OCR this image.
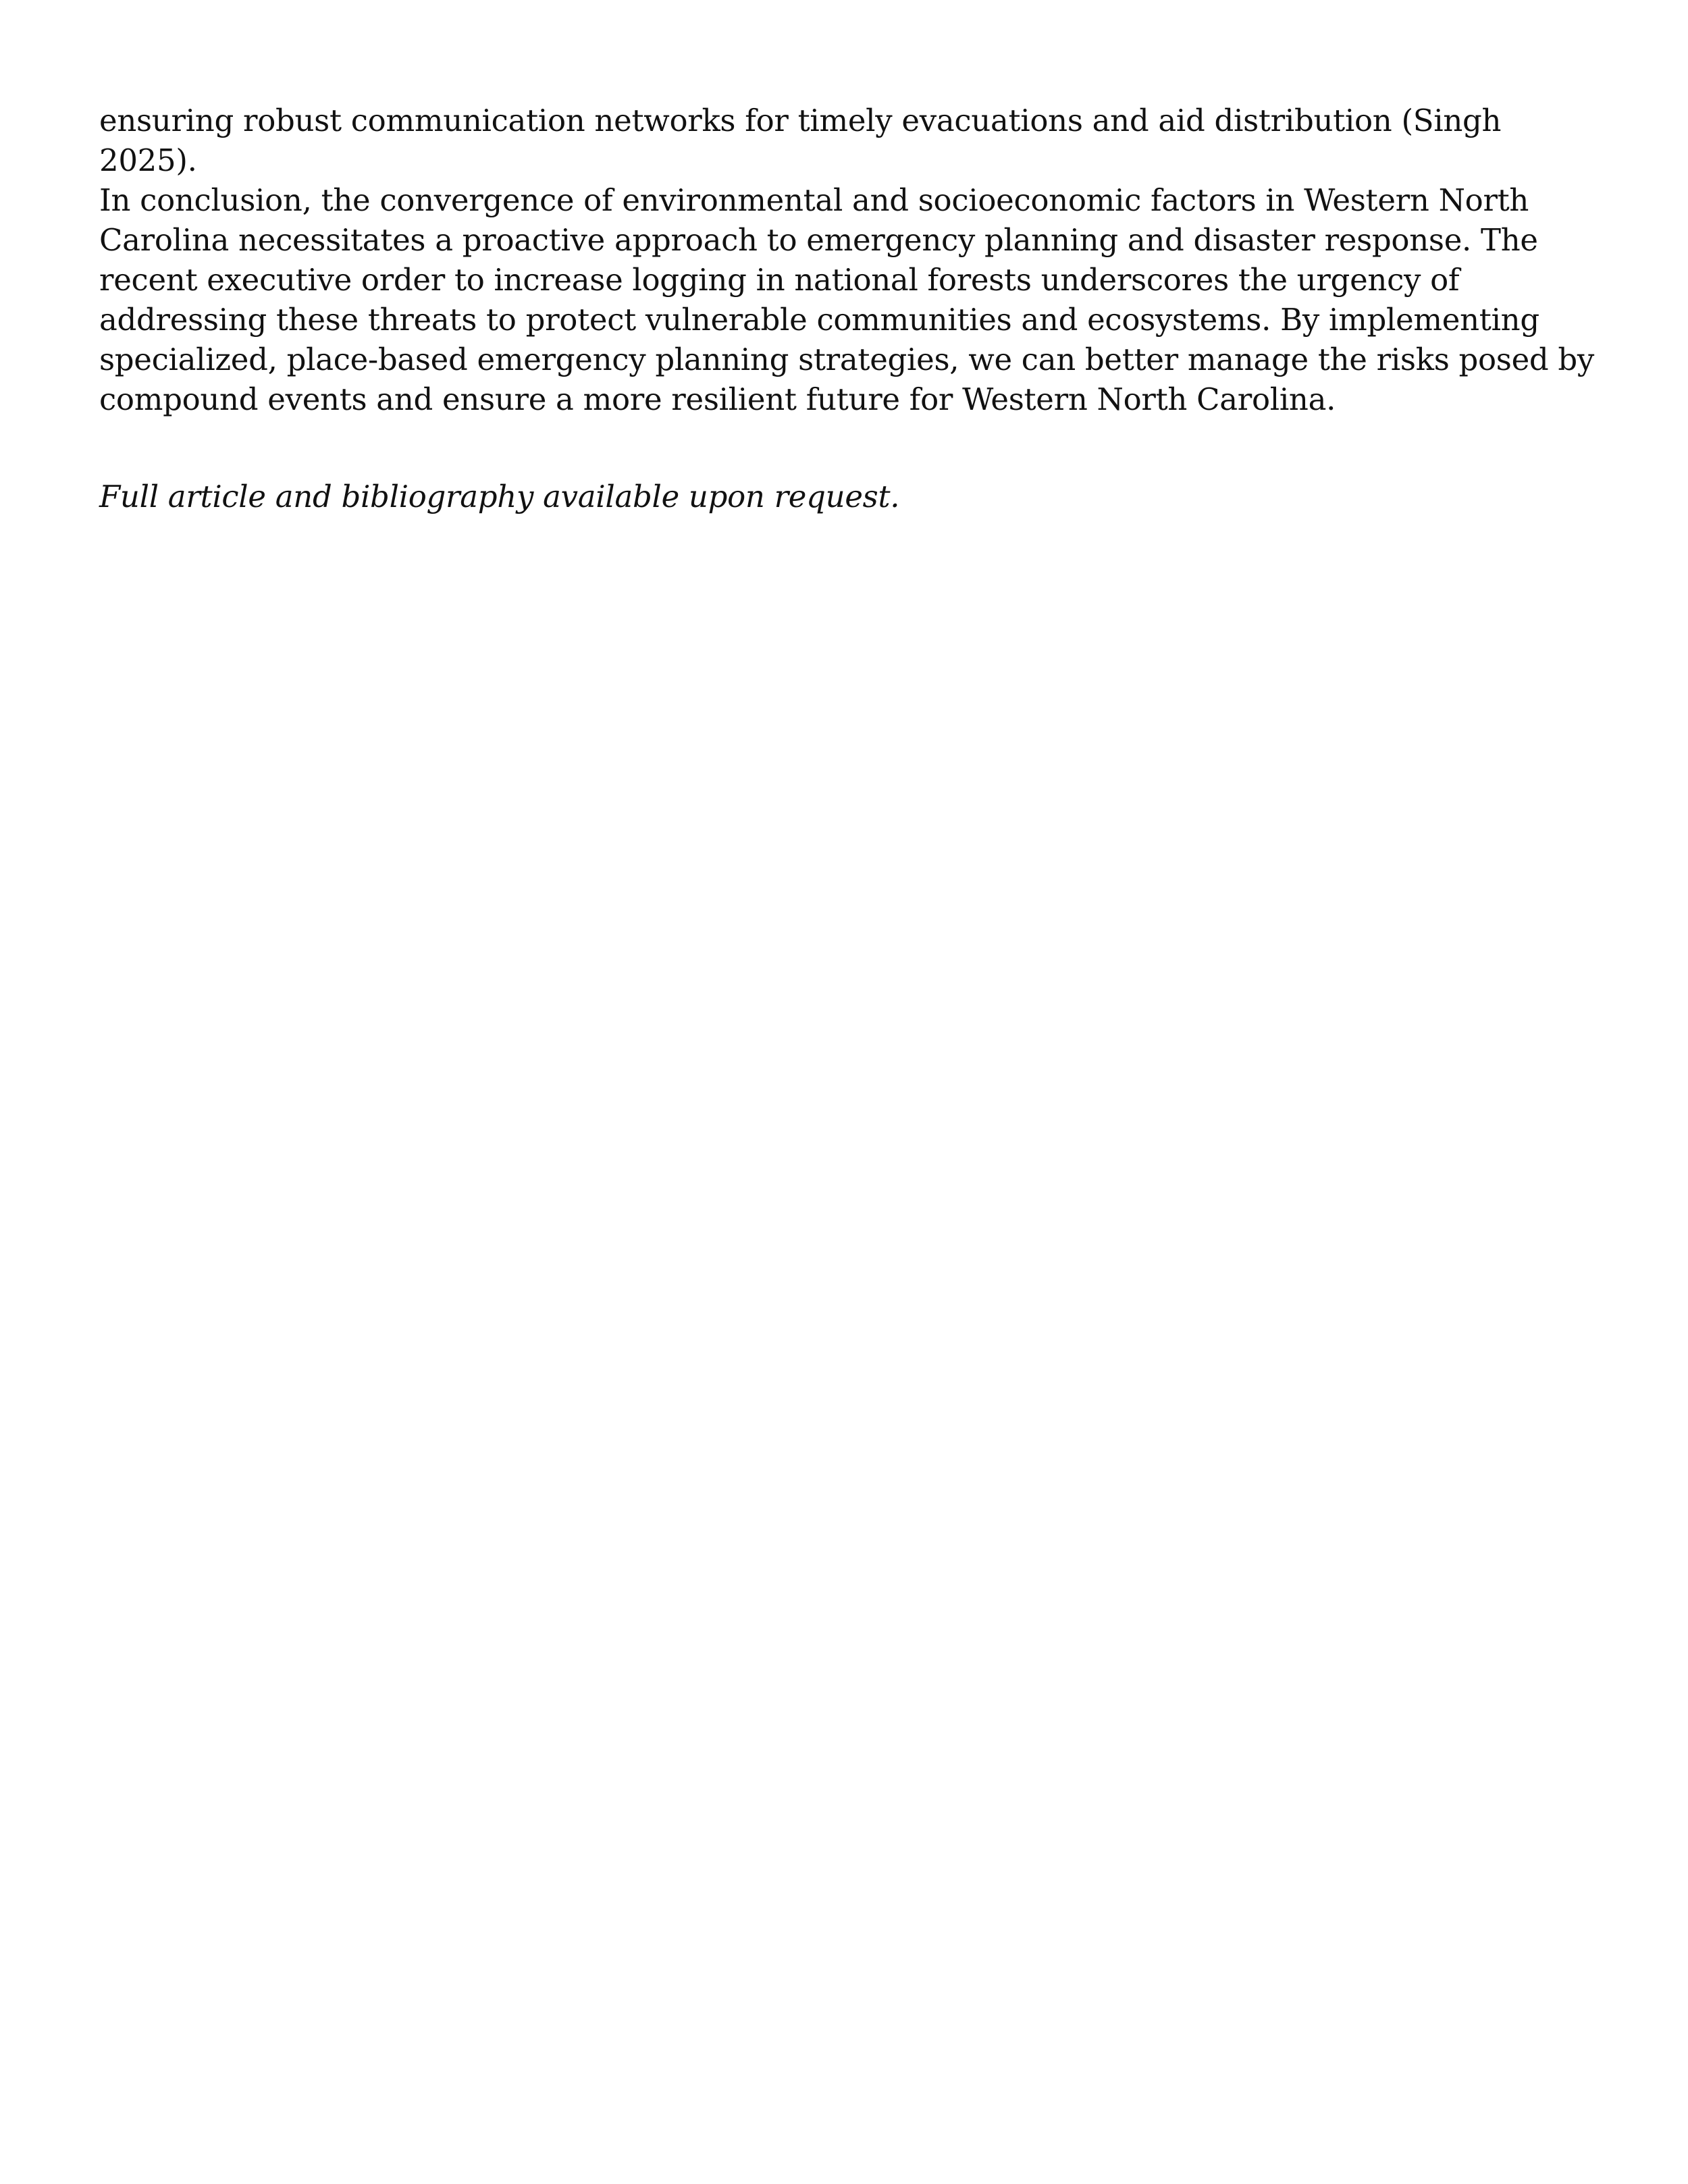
ensuring robust communication networks for timely evacuations and aid distribution (Singh 2025).

In conclusion, the convergence of environmental and socioeconomic factors in Western North Carolina necessitates a proactive approach to emergency planning and disaster response. The recent executive order to increase logging in national forests underscores the urgency of addressing these threats to protect vulnerable communities and ecosystems. By implementing specialized, place-based emergency planning strategies, we can better manage the risks posed by compound events and ensure a more resilient future for Western North Carolina.

Full article and bibliography available upon request.
